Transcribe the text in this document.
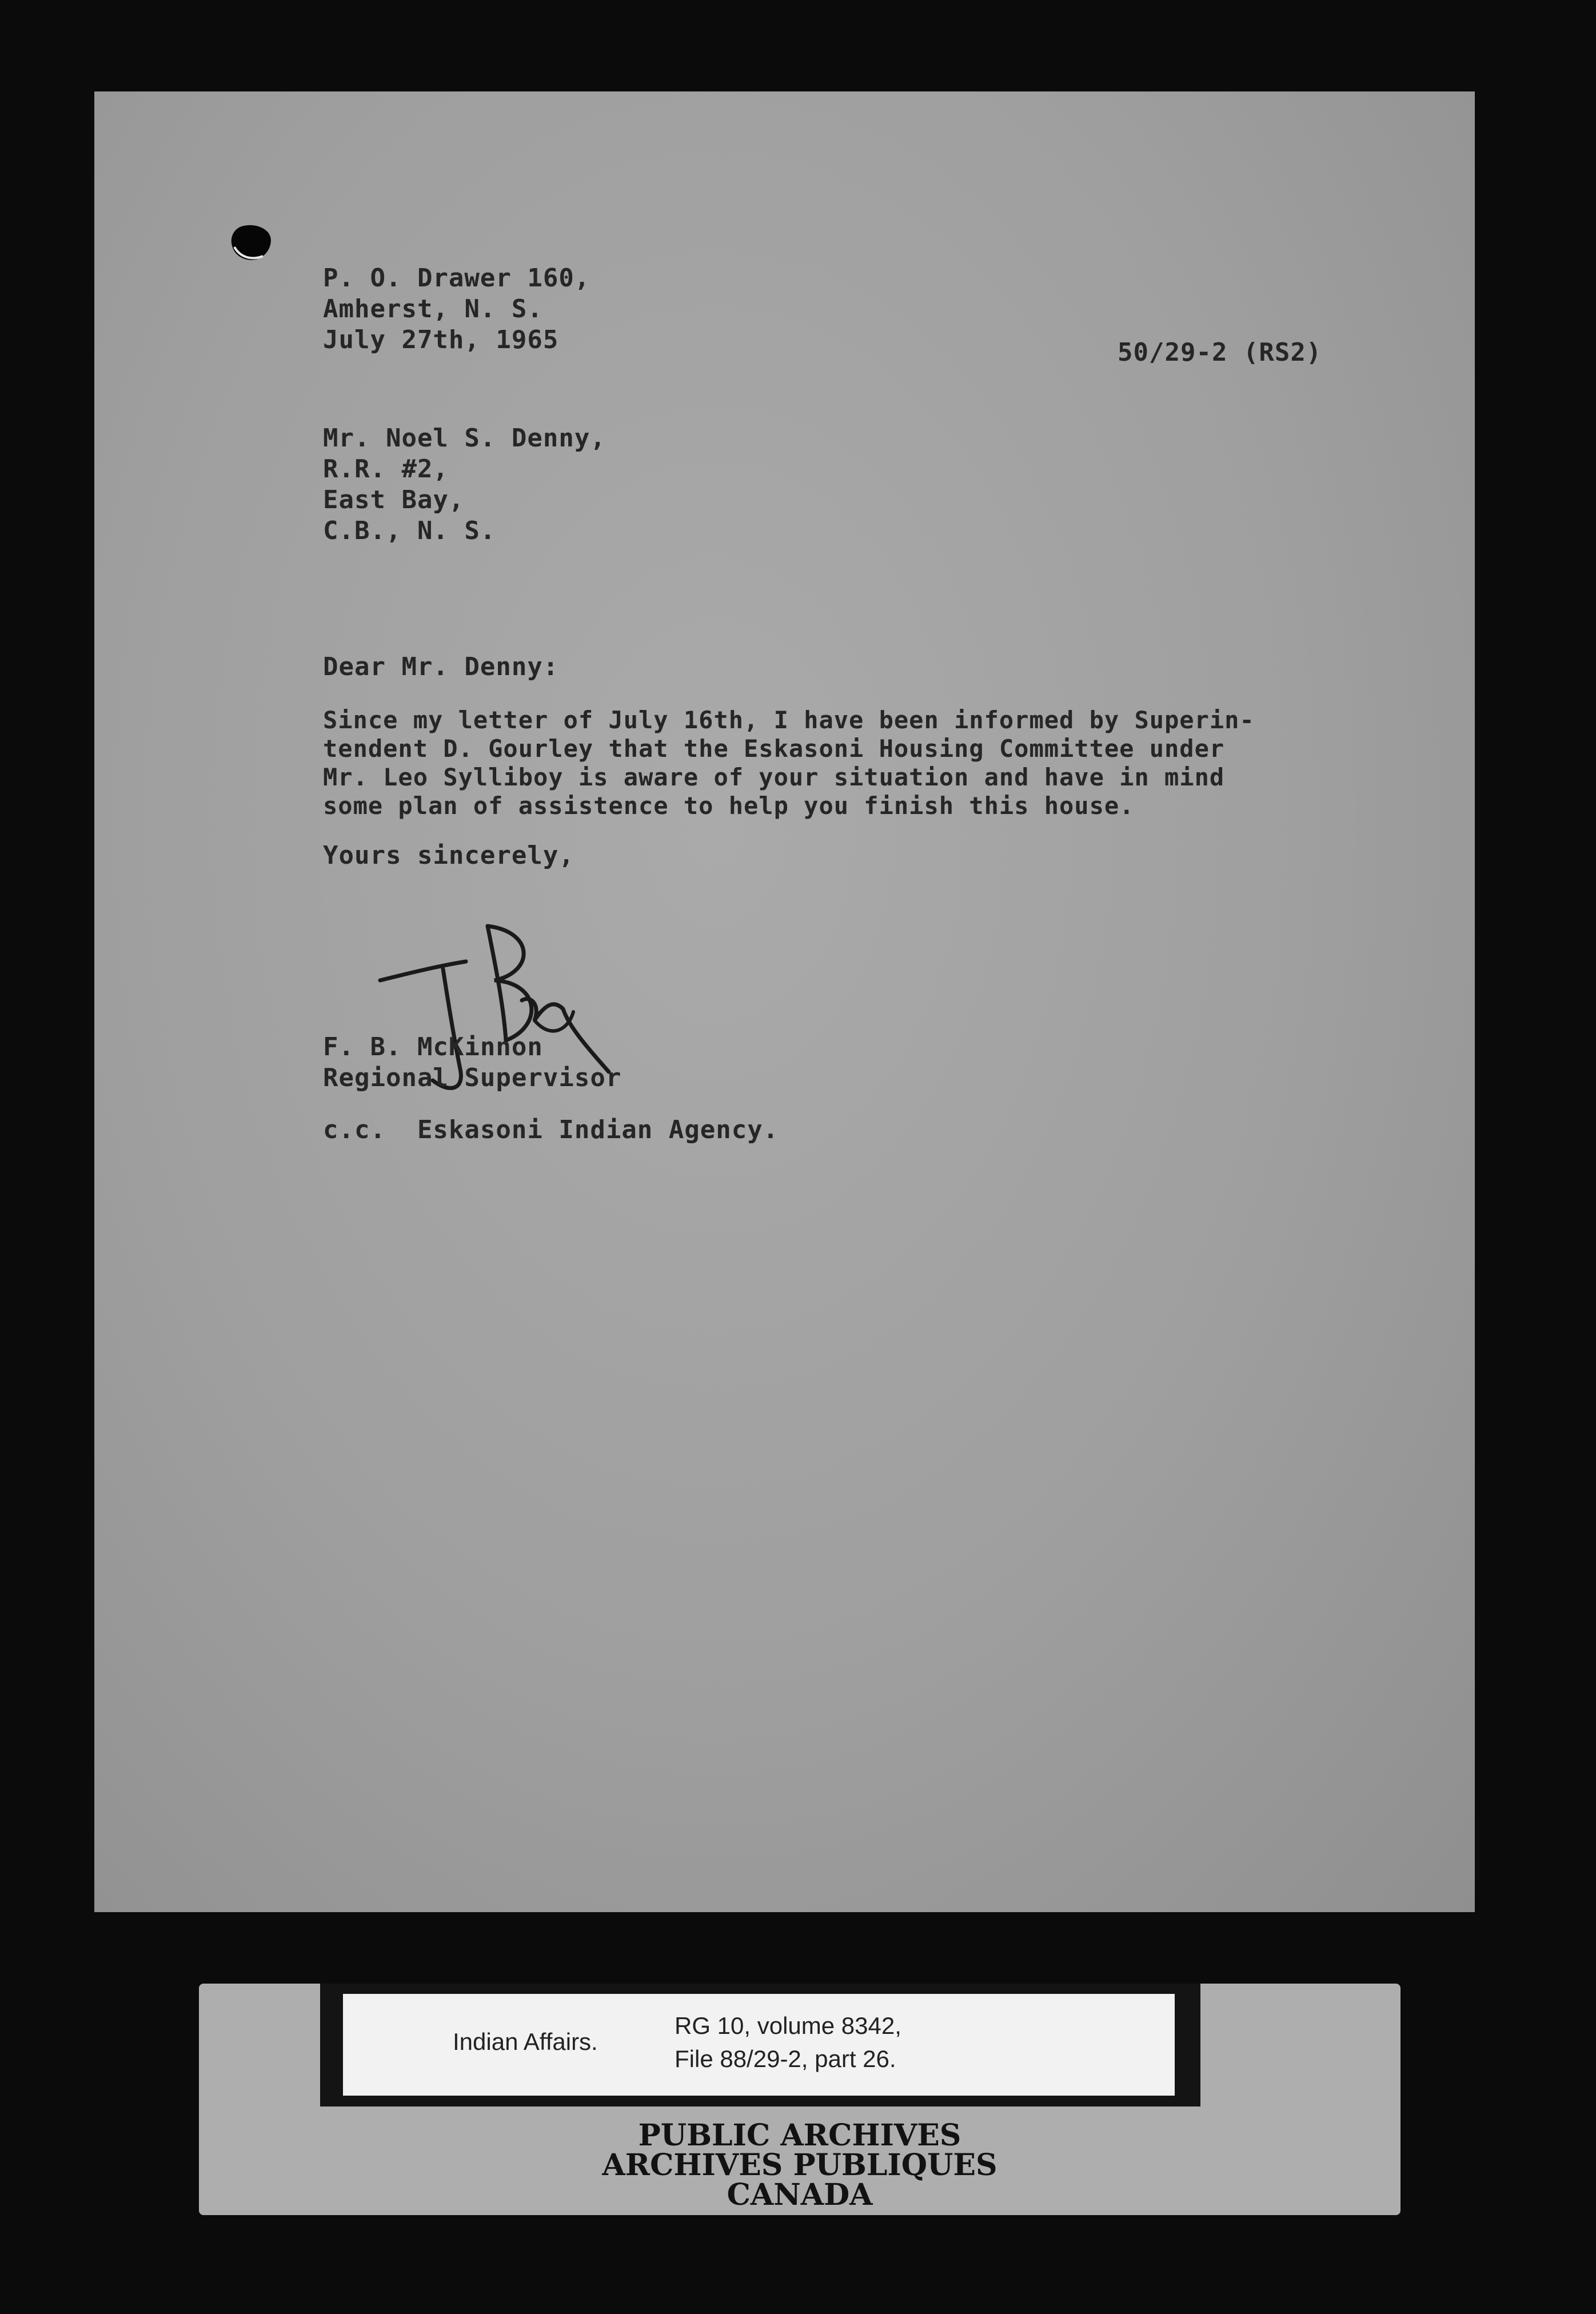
P. O. Drawer 160,
Amherst, N. S.
July 27th, 1965	50/29-2 (RS2)
Mr. Noel S. Denny,
R.R. #2,
East Bay,
C.B., N. S.
Dear Mr. Denny:
Since my letter of July 16th, I have been informed by Superin-
tendent D. Gourley that the Eskasoni Housing Committee under
Mr. Leo Sylliboy is aware of your situation and have in mind
some plan of assistence to help you finish this house.
Yours sincerely,
F. B. McKinnon
Regional Supervisor
c.c.  Eskasoni Indian Agency.
Indian Affairs.
RG 10, volume 8342,
File 88/29-2, part 26.
PUBLIC ARCHIVES
ARCHIVES PUBLIQUES
CANADA
